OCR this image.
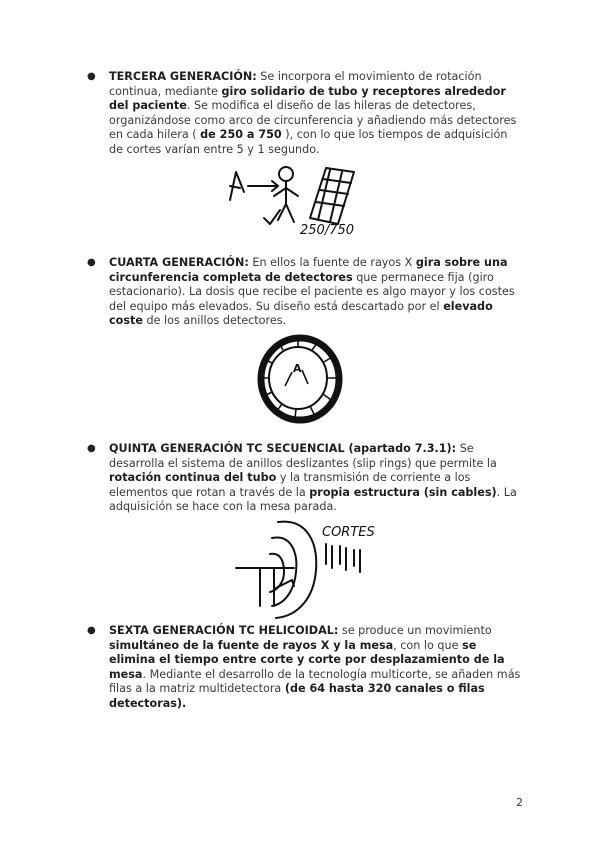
● TERCERA GENERACIÓN: Se incorpora el movimiento de rotación continua, mediante giro solidario de tubo y receptores alrededor del paciente. Se modifica el diseño de las hileras de detectores, organizándose como arco de circunferencia y añadiendo más detectores en cada hilera ( de 250 a 750 ), con lo que los tiempos de adquisición de cortes varían entre 5 y 1 segundo.
250/750
● CUARTA GENERACIÓN: En ellos la fuente de rayos X gira sobre una circunferencia completa de detectores que permanece fija (giro estacionario). La dosis que recibe el paciente es algo mayor y los costes del equipo más elevados. Su diseño está descartado por el elevado coste de los anillos detectores.
A
● QUINTA GENERACIÓN TC SECUENCIAL (apartado 7.3.1): Se desarrolla el sistema de anillos deslizantes (slip rings) que permite la rotación continua del tubo y la transmisión de corriente a los elementos que rotan a través de la propia estructura (sin cables). La adquisición se hace con la mesa parada.
CORTES
● SEXTA GENERACIÓN TC HELICOIDAL: se produce un movimiento simultáneo de la fuente de rayos X y la mesa, con lo que se elimina el tiempo entre corte y corte por desplazamiento de la mesa. Mediante el desarrollo de la tecnología multicorte, se añaden más filas a la matriz multidetectora (de 64 hasta 320 canales o filas detectoras).
2
